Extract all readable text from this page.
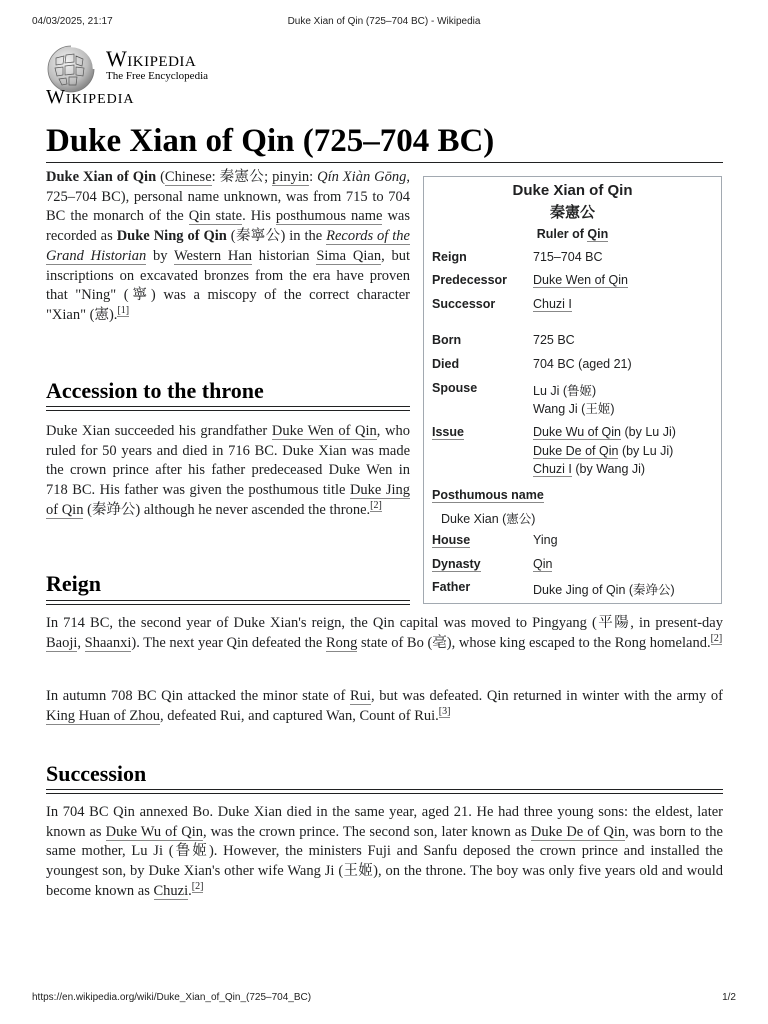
04/03/2025, 21:17	Duke Xian of Qin (725–704 BC) - Wikipedia
Wikipedia
The Free Encyclopedia
Wikipedia
Duke Xian of Qin (725–704 BC)

Duke Xian of Qin (Chinese: 秦憲公; pinyin: Qín Xiàn Gōng, 725–704 BC), personal name unknown, was from 715 to 704 BC the monarch of the Qin state. His posthumous name was recorded as Duke Ning of Qin (秦寧公) in the Records of the Grand Historian by Western Han historian Sima Qian, but inscriptions on excavated bronzes from the era have proven that "Ning" (寧) was a miscopy of the correct character "Xian" (憲).[1]

Accession to the throne

Duke Xian succeeded his grandfather Duke Wen of Qin, who ruled for 50 years and died in 716 BC. Duke Xian was made the crown prince after his father predeceased Duke Wen in 718 BC. His father was given the posthumous title Duke Jing of Qin (秦竫公) although he never ascended the throne.[2]

Reign

In 714 BC, the second year of Duke Xian's reign, the Qin capital was moved to Pingyang (平陽, in present-day Baoji, Shaanxi). The next year Qin defeated the Rong state of Bo (亳), whose king escaped to the Rong homeland.[2]

In autumn 708 BC Qin attacked the minor state of Rui, but was defeated. Qin returned in winter with the army of King Huan of Zhou, defeated Rui, and captured Wan, Count of Rui.[3]

Succession

In 704 BC Qin annexed Bo. Duke Xian died in the same year, aged 21. He had three young sons: the eldest, later known as Duke Wu of Qin, was the crown prince. The second son, later known as Duke De of Qin, was born to the same mother, Lu Ji (鲁姬). However, the ministers Fuji and Sanfu deposed the crown prince and installed the youngest son, by Duke Xian's other wife Wang Ji (王姬), on the throne. The boy was only five years old and would become known as Chuzi.[2]

Duke Xian of Qin
秦憲公
Ruler of Qin
Reign	715–704 BC
Predecessor Duke Wen of Qin
Successor	Chuzi I
Born	725 BC
Died	704 BC (aged 21)
Spouse	Lu Ji (鲁姬)
Wang Ji (王姬)
Issue	Duke Wu of Qin (by Lu Ji)
Duke De of Qin (by Lu Ji)
Chuzi I (by Wang Ji)
Posthumous name
Duke Xian (憲公)
House	Ying
Dynasty	Qin
Father	Duke Jing of Qin (秦竫公)
https://en.wikipedia.org/wiki/Duke_Xian_of_Qin_(725–704_BC)	1/2
